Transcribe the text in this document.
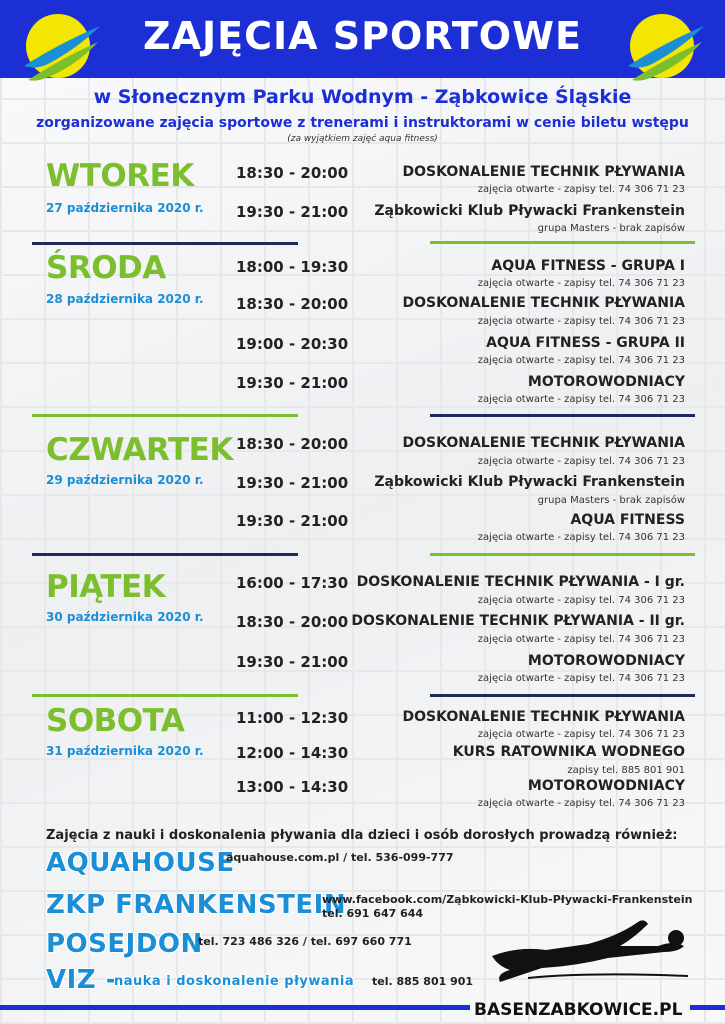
ZAJĘCIA SPORTOWE
w Słonecznym Parku Wodnym - Ząbkowice Śląskie
zorganizowane zajęcia sportowe z trenerami i instruktorami w cenie biletu wstępu
(za wyjątkiem zajęć aqua fitness)
WTOREK
27 października 2020 r.
18:30 - 20:00	DOSKONALENIE TECHNIK PŁYWANIA
zajęcia otwarte - zapisy tel. 74 306 71 23
19:30 - 21:00 Ząbkowicki Klub Pływacki Frankenstein
grupa Masters - brak zapisów
ŚRODA
28 października 2020 r.
18:00 - 19:30	AQUA FITNESS - GRUPA I
zajęcia otwarte - zapisy tel. 74 306 71 23
18:30 - 20:00	DOSKONALENIE TECHNIK PŁYWANIA
zajęcia otwarte - zapisy tel. 74 306 71 23
19:00 - 20:30	AQUA FITNESS - GRUPA II
zajęcia otwarte - zapisy tel. 74 306 71 23
19:30 - 21:00	MOTOROWODNIACY
zajęcia otwarte - zapisy tel. 74 306 71 23
CZWARTEK
29 października 2020 r.
18:30 - 20:00	DOSKONALENIE TECHNIK PŁYWANIA
zajęcia otwarte - zapisy tel. 74 306 71 23
19:30 - 21:00 Ząbkowicki Klub Pływacki Frankenstein
grupa Masters - brak zapisów
19:30 - 21:00	AQUA FITNESS
zajęcia otwarte - zapisy tel. 74 306 71 23
PIĄTEK
30 października 2020 r.
16:00 - 17:30 DOSKONALENIE TECHNIK PŁYWANIA - I gr.
zajęcia otwarte - zapisy tel. 74 306 71 23
18:30 - 20:00 DOSKONALENIE TECHNIK PŁYWANIA - II gr.
zajęcia otwarte - zapisy tel. 74 306 71 23
19:30 - 21:00	MOTOROWODNIACY
zajęcia otwarte - zapisy tel. 74 306 71 23
SOBOTA
31 października 2020 r.
11:00 - 12:30	DOSKONALENIE TECHNIK PŁYWANIA
zajęcia otwarte - zapisy tel. 74 306 71 23
12:00 - 14:30	KURS RATOWNIKA WODNEGO
zapisy tel. 885 801 901
13:00 - 14:30	MOTOROWODNIACY
zajęcia otwarte - zapisy tel. 74 306 71 23
Zajęcia z nauki i doskonalenia pływania dla dzieci i osób dorosłych prowadzą również:
AQUAHOUSE
aquahouse.com.pl / tel. 536-099-777
ZKP FRANKENSTEIN
www.facebook.com/Ząbkowicki-Klub-Pływacki-Frankenstein
tel. 691 647 644
POSEJDON
tel. 723 486 326 / tel. 697 660 771
VIZ -
nauka i doskonalenie pływania tel. 885 801 901
BASENZABKOWICE.PL
